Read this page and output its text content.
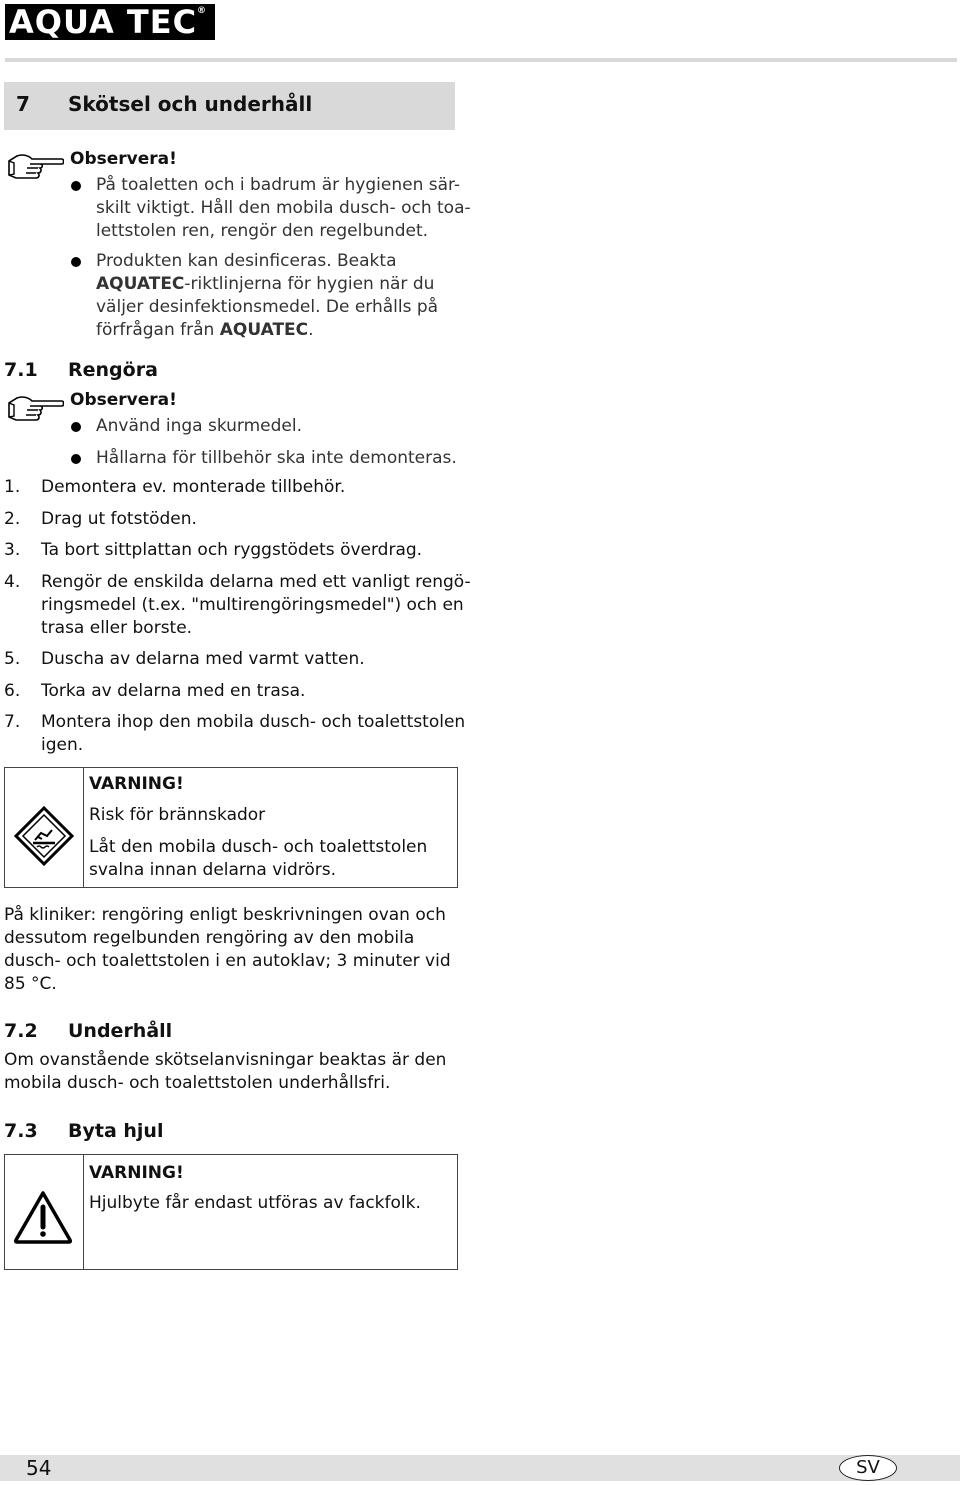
AQUA TEC®
7 Skötsel och underhåll
Observera!
På toaletten och i badrum är hygienen sär-
skilt viktigt. Håll den mobila dusch- och toa-
lettstolen ren, rengör den regelbundet.
Produkten kan desinficeras. Beakta
AQUATEC-riktlinjerna för hygien när du
väljer desinfektionsmedel. De erhålls på
förfrågan från AQUATEC.
7.1 Rengöra
Observera!
Använd inga skurmedel.
Hållarna för tillbehör ska inte demonteras.
1. Demontera ev. monterade tillbehör.
2. Drag ut fotstöden.
3. Ta bort sittplattan och ryggstödets överdrag.
4. Rengör de enskilda delarna med ett vanligt rengö-
ringsmedel (t.ex. "multirengöringsmedel") och en
trasa eller borste.
5. Duscha av delarna med varmt vatten.
6. Torka av delarna med en trasa.
7. Montera ihop den mobila dusch- och toalettstolen
igen.
VARNING!
Risk för brännskador
Låt den mobila dusch- och toalettstolen
svalna innan delarna vidrörs.
På kliniker: rengöring enligt beskrivningen ovan och
dessutom regelbunden rengöring av den mobila
dusch- och toalettstolen i en autoklav; 3 minuter vid
85 °C.
7.2 Underhåll
Om ovanstående skötselanvisningar beaktas är den
mobila dusch- och toalettstolen underhållsfri.
7.3 Byta hjul
VARNING!
Hjulbyte får endast utföras av fackfolk.
54	SV
